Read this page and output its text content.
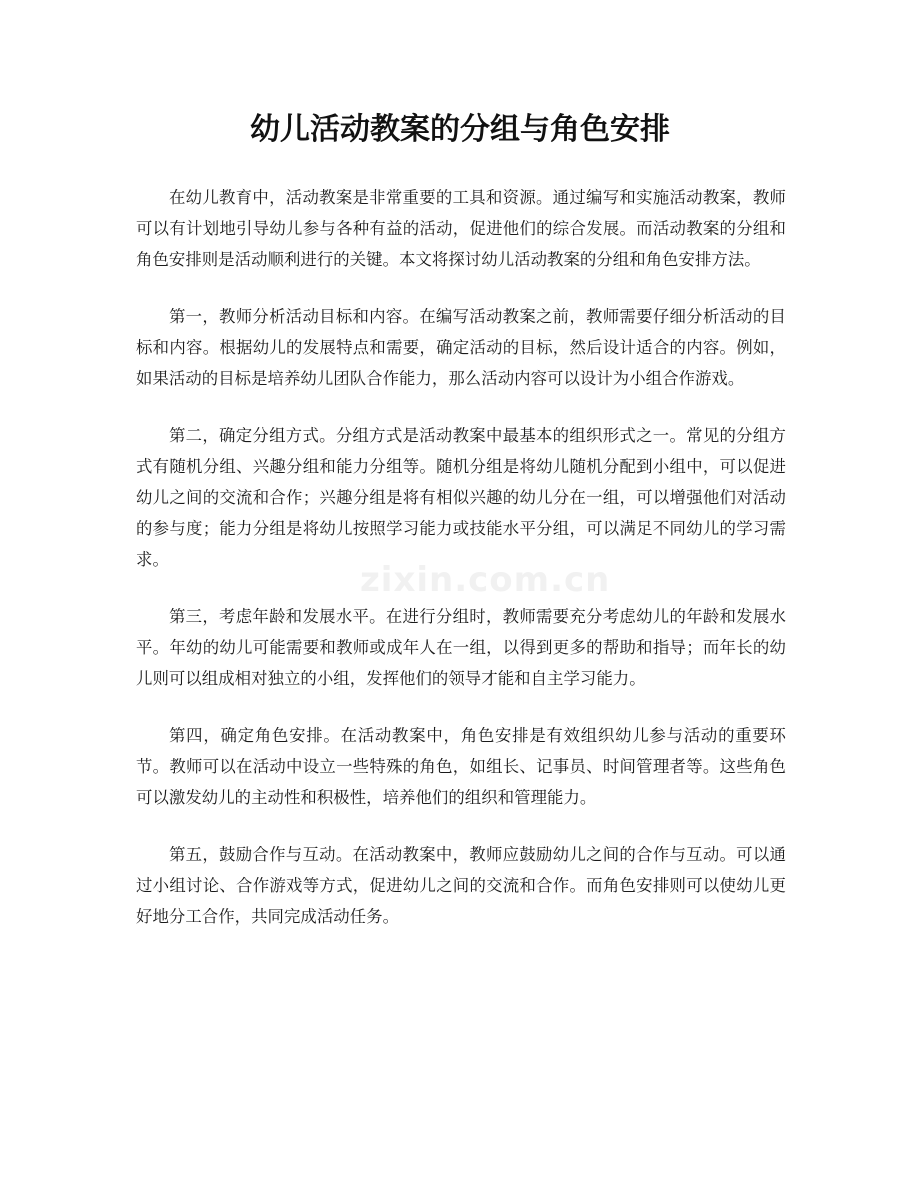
幼儿活动教案的分组与角色安排
zixin.com.cn

在幼儿教育中，活动教案是非常重要的工具和资源。通过编写和实施活动教案，教师可以有计划地引导幼儿参与各种有益的活动，促进他们的综合发展。而活动教案的分组和角色安排则是活动顺利进行的关键。本文将探讨幼儿活动教案的分组和角色安排方法。

第一，教师分析活动目标和内容。在编写活动教案之前，教师需要仔细分析活动的目标和内容。根据幼儿的发展特点和需要，确定活动的目标，然后设计适合的内容。例如，如果活动的目标是培养幼儿团队合作能力，那么活动内容可以设计为小组合作游戏。

第二，确定分组方式。分组方式是活动教案中最基本的组织形式之一。常见的分组方式有随机分组、兴趣分组和能力分组等。随机分组是将幼儿随机分配到小组中，可以促进幼儿之间的交流和合作；兴趣分组是将有相似兴趣的幼儿分在一组，可以增强他们对活动的参与度；能力分组是将幼儿按照学习能力或技能水平分组，可以满足不同幼儿的学习需求。

第三，考虑年龄和发展水平。在进行分组时，教师需要充分考虑幼儿的年龄和发展水平。年幼的幼儿可能需要和教师或成年人在一组，以得到更多的帮助和指导；而年长的幼儿则可以组成相对独立的小组，发挥他们的领导才能和自主学习能力。

第四，确定角色安排。在活动教案中，角色安排是有效组织幼儿参与活动的重要环节。教师可以在活动中设立一些特殊的角色，如组长、记事员、时间管理者等。这些角色可以激发幼儿的主动性和积极性，培养他们的组织和管理能力。

第五，鼓励合作与互动。在活动教案中，教师应鼓励幼儿之间的合作与互动。可以通过小组讨论、合作游戏等方式，促进幼儿之间的交流和合作。而角色安排则可以使幼儿更好地分工合作，共同完成活动任务。
